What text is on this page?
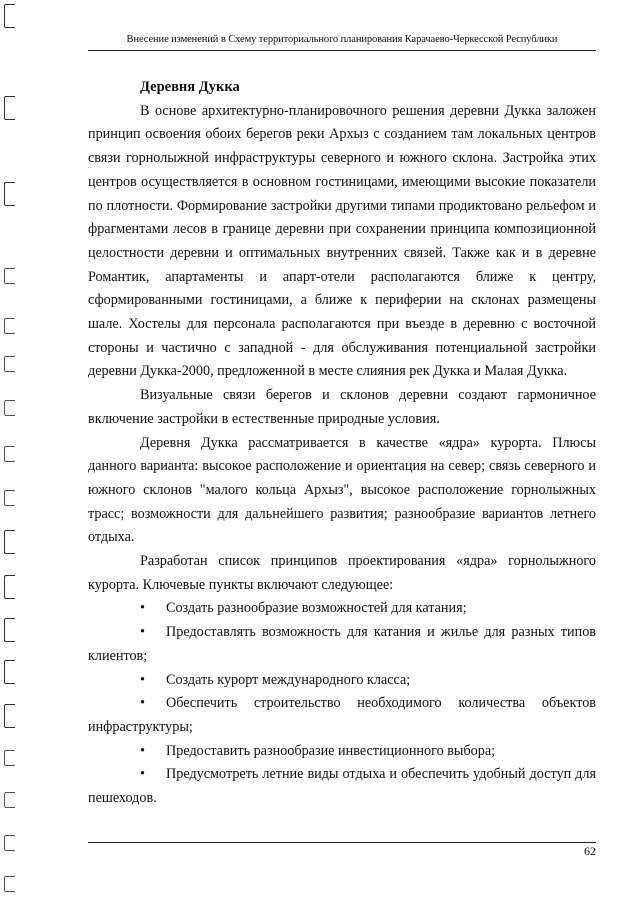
Внесение изменений в Схему территориального планирования Карачаево-Черкесской Республики

Деревня Дукка

В основе архитектурно-планировочного решения деревни Дукка заложен принцип освоения обоих берегов реки Архыз с созданием там локальных центров связи горнолыжной инфраструктуры северного и южного склона. Застройка этих центров осуществляется в основном гостиницами, имеющими высокие показатели по плотности. Формирование застройки другими типами продиктовано рельефом и фрагментами лесов в границе деревни при сохранении принципа композиционной целостности деревни и оптимальных внутренних связей. Также как и в деревне Романтик, апартаменты и апарт-отели располагаются ближе к центру, сформированными гостиницами, а ближе к периферии на склонах размещены шале. Хостелы для персонала располагаются при въезде в деревню с восточной стороны и частично с западной - для обслуживания потенциальной застройки деревни Дукка-2000, предложенной в месте слияния рек Дукка и Малая Дукка.

Визуальные связи берегов и склонов деревни создают гармоничное включение застройки в естественные природные условия.

Деревня Дукка рассматривается в качестве «ядра» курорта. Плюсы данного варианта: высокое расположение и ориентация на север; связь северного и южного склонов "малого кольца Архыз", высокое расположение горнолыжных трасс; возможности для дальнейшего развития; разнообразие вариантов летнего отдыха.

Разработан список принципов проектирования «ядра» горнолыжного курорта. Ключевые пункты включают следующее:

• Создать разнообразие возможностей для катания;

• Предоставлять возможность для катания и жилье для разных типов клиентов;

• Создать курорт международного класса;

• Обеспечить строительство необходимого количества объектов инфраструктуры;

• Предоставить разнообразие инвестиционного выбора;

• Предусмотреть летние виды отдыха и обеспечить удобный доступ для пешеходов.

62
